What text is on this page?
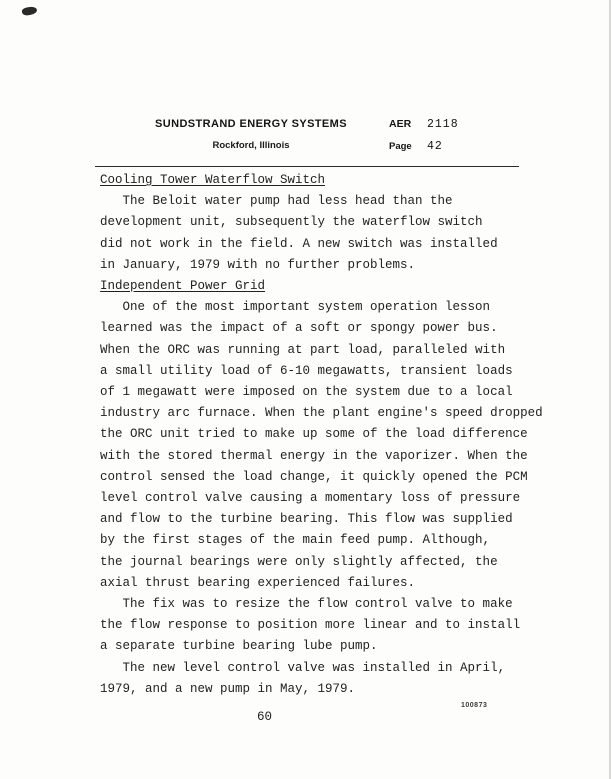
SUNDSTRAND ENERGY SYSTEMS
Rockford, Illinois
AER	2118
Page	42
Cooling Tower Waterflow Switch
The Beloit water pump had less head than the
development unit, subsequently the waterflow switch
did not work in the field. A new switch was installed
in January, 1979 with no further problems.
Independent Power Grid
One of the most important system operation lesson
learned was the impact of a soft or spongy power bus.
When the ORC was running at part load, paralleled with
a small utility load of 6-10 megawatts, transient loads
of 1 megawatt were imposed on the system due to a local
industry arc furnace. When the plant engine's speed dropped
the ORC unit tried to make up some of the load difference
with the stored thermal energy in the vaporizer. When the
control sensed the load change, it quickly opened the PCM
level control valve causing a momentary loss of pressure
and flow to the turbine bearing. This flow was supplied
by the first stages of the main feed pump. Although,
the journal bearings were only slightly affected, the
axial thrust bearing experienced failures.
The fix was to resize the flow control valve to make
the flow response to position more linear and to install
a separate turbine bearing lube pump.
The new level control valve was installed in April,
1979, and a new pump in May, 1979.
100873
60
